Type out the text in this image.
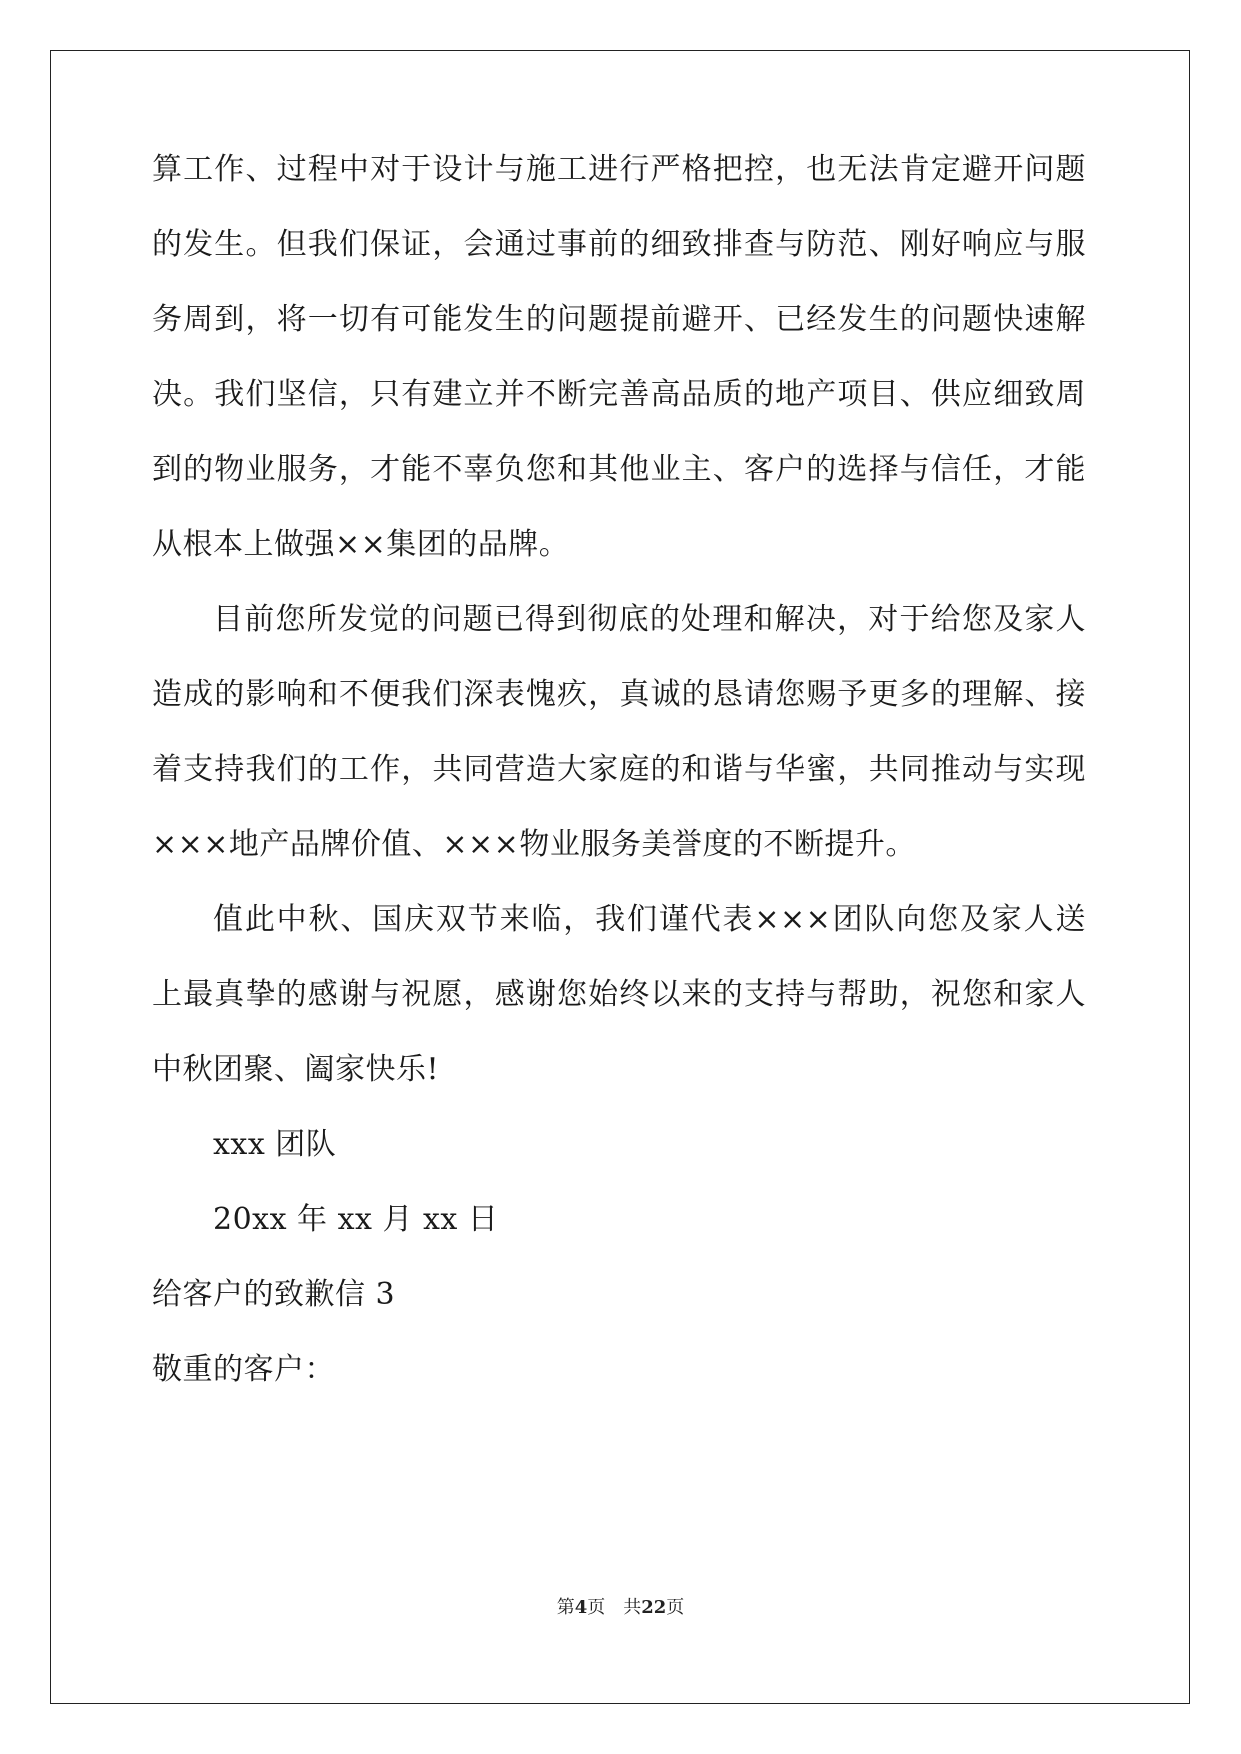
算工作、过程中对于设计与施工进行严格把控，也无法肯定避开问题
的发生。但我们保证，会通过事前的细致排查与防范、刚好响应与服
务周到，将一切有可能发生的问题提前避开、已经发生的问题快速解
决。我们坚信，只有建立并不断完善高品质的地产项目、供应细致周
到的物业服务，才能不辜负您和其他业主、客户的选择与信任，才能
从根本上做强××集团的品牌。
目前您所发觉的问题已得到彻底的处理和解决，对于给您及家人
造成的影响和不便我们深表愧疚，真诚的恳请您赐予更多的理解、接
着支持我们的工作，共同营造大家庭的和谐与华蜜，共同推动与实现
×××地产品牌价值、×××物业服务美誉度的不断提升。
值此中秋、国庆双节来临，我们谨代表×××团队向您及家人送
上最真挚的感谢与祝愿，感谢您始终以来的支持与帮助，祝您和家人
中秋团聚、阖家快乐!
xxx 团队
20xx 年 xx 月 xx 日
给客户的致歉信 3
敬重的客户：
第4页　共22页
